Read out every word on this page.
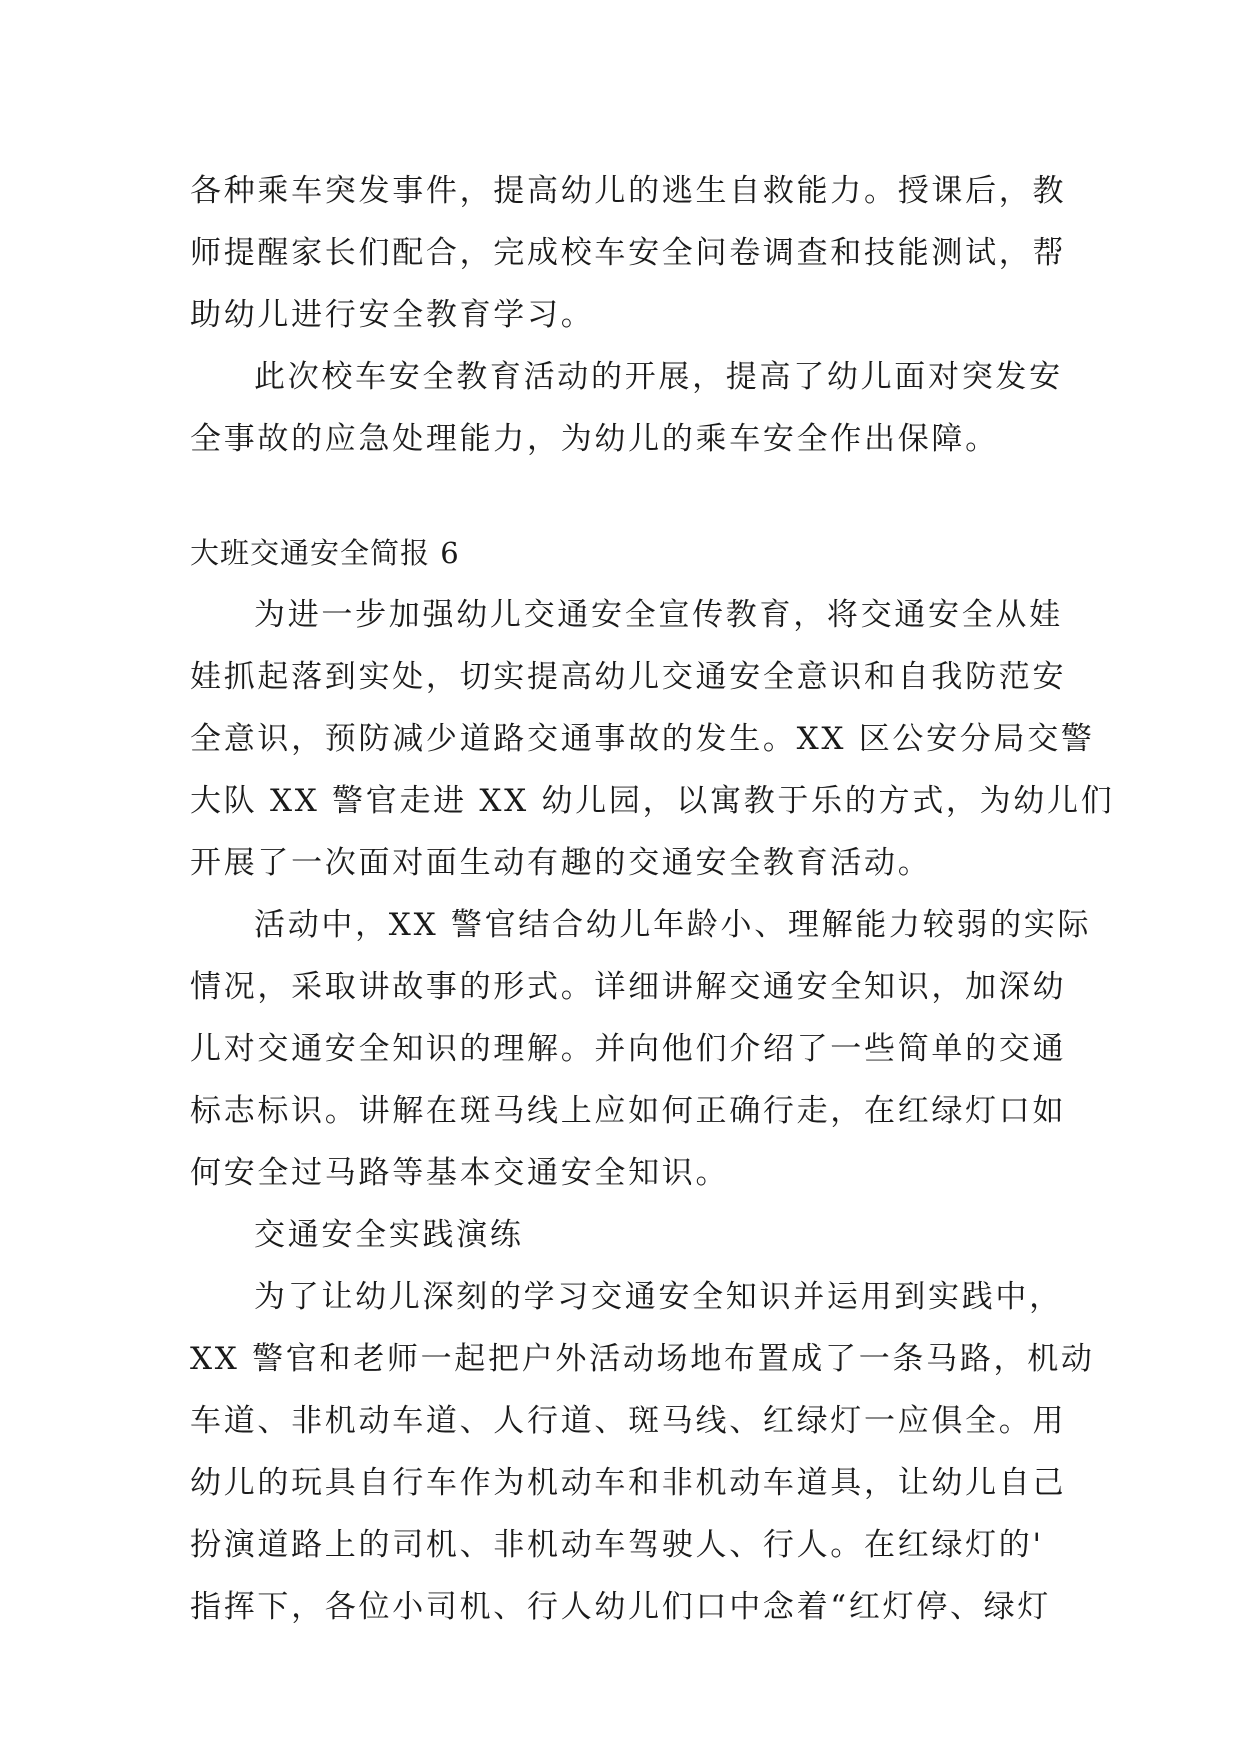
各种乘车突发事件，提高幼儿的逃生自救能力。授课后，教
师提醒家长们配合，完成校车安全问卷调查和技能测试，帮
助幼儿进行安全教育学习。
此次校车安全教育活动的开展，提高了幼儿面对突发安
全事故的应急处理能力，为幼儿的乘车安全作出保障。
大班交通安全简报 6
为进一步加强幼儿交通安全宣传教育，将交通安全从娃
娃抓起落到实处，切实提高幼儿交通安全意识和自我防范安
全意识，预防减少道路交通事故的发生。XX 区公安分局交警
大队 XX 警官走进 XX 幼儿园，以寓教于乐的方式，为幼儿们
开展了一次面对面生动有趣的交通安全教育活动。
活动中，XX 警官结合幼儿年龄小、理解能力较弱的实际
情况，采取讲故事的形式。详细讲解交通安全知识，加深幼
儿对交通安全知识的理解。并向他们介绍了一些简单的交通
标志标识。讲解在斑马线上应如何正确行走，在红绿灯口如
何安全过马路等基本交通安全知识。
交通安全实践演练
为了让幼儿深刻的学习交通安全知识并运用到实践中，
XX 警官和老师一起把户外活动场地布置成了一条马路，机动
车道、非机动车道、人行道、斑马线、红绿灯一应俱全。用
幼儿的玩具自行车作为机动车和非机动车道具，让幼儿自己
扮演道路上的司机、非机动车驾驶人、行人。在红绿灯的'
指挥下，各位小司机、行人幼儿们口中念着“红灯停、绿灯
